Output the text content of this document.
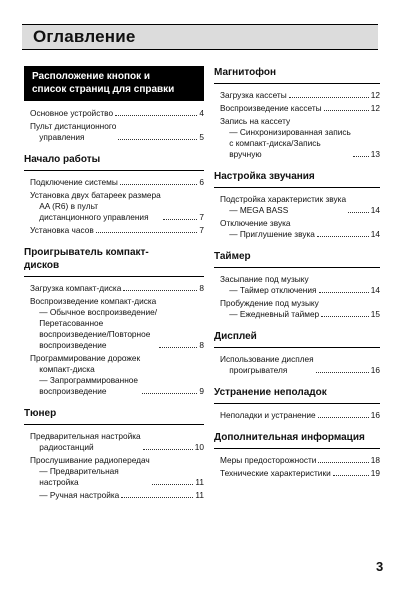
Оглавление
Расположение кнопок и
список страниц для справки
Основное устройство	4
Пульт дистанционного
управления	5
Начало работы
Подключение системы	6
Установка двух батареек размера
AA (R6) в пульт
дистанционного управления	7
Установка часов	7
Проигрыватель компакт-
дисков
Загрузка компакт-диска	8
Воспроизведение компакт-диска
— Обычное воспроизведение/
Перетасованное
воспроизведение/Повторное
воспроизведение	8
Программирование дорожек
компакт-диска
— Запрограммированное
воспроизведение	9
Тюнер
Предварительная настройка
радиостанций	10
Прослушивание радиопередач
— Предварительная
настройка	11
— Ручная настройка	11
Магнитофон
Загрузка кассеты	12
Воспроизведение кассеты	12
Запись на кассету
— Синхронизированная запись
с компакт-диска/Запись
вручную	13
Настройка звучания
Подстройка характеристик звука
— MEGA BASS	14
Отключение звука
— Приглушение звука	14
Таймер
Засыпание под музыку
— Таймер отключения	14
Пробуждение под музыку
— Ежедневный таймер	15
Дисплей
Использование дисплея
проигрывателя	16
Устранение неполадок
Неполадки и устранение	16
Дополнительная информация
Меры предосторожности	18
Технические характеристики	19
3
